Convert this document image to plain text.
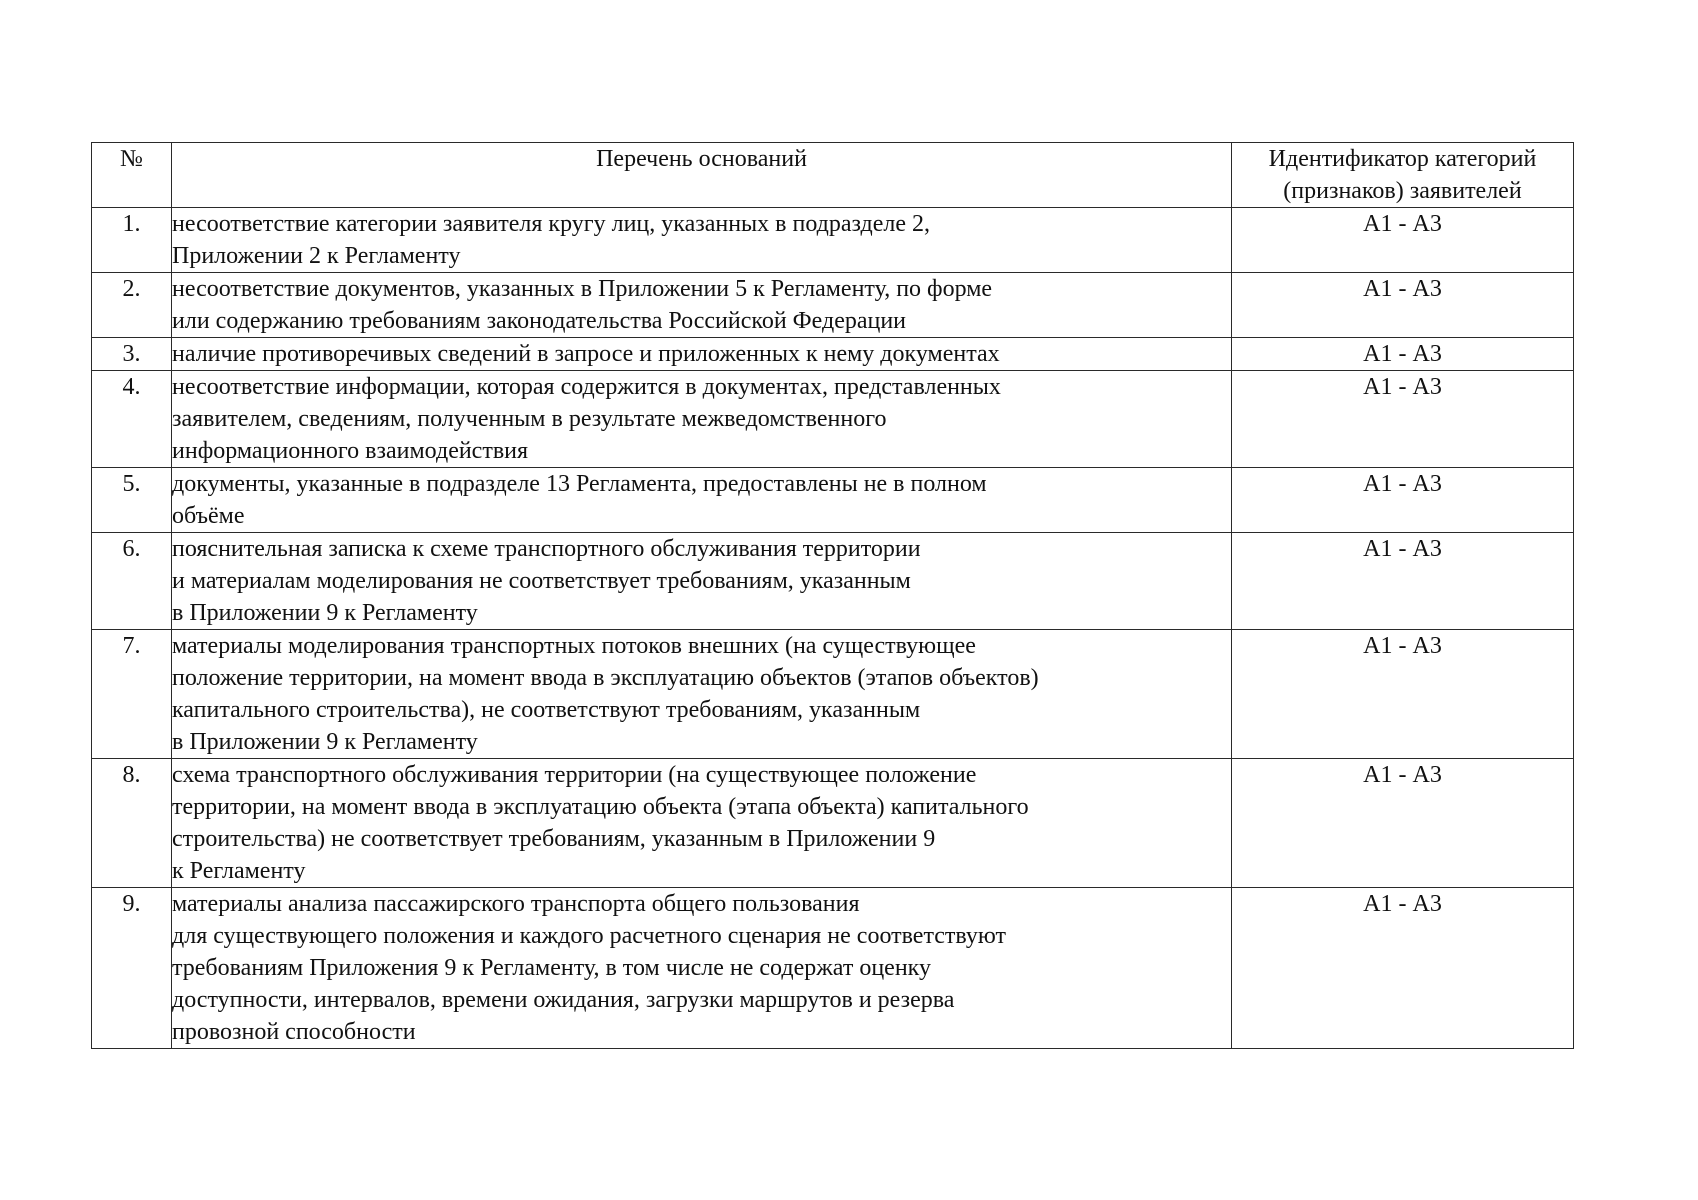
№	Перечень оснований	Идентификатор категорий
(признаков) заявителей

1.	несоответствие категории заявителя кругу лиц, указанных в подразделе 2,
Приложении 2 к Регламенту	А1 - А3
2.	несоответствие документов, указанных в Приложении 5 к Регламенту, по форме
или содержанию требованиям законодательства Российской Федерации	А1 - А3
3.	наличие противоречивых сведений в запросе и приложенных к нему документах	А1 - А3
4.	несоответствие информации, которая содержится в документах, представленных
заявителем, сведениям, полученным в результате межведомственного
информационного взаимодействия	А1 - А3
5.	документы, указанные в подразделе 13 Регламента, предоставлены не в полном
объёме	А1 - А3
6.	пояснительная записка к схеме транспортного обслуживания территории
и материалам моделирования не соответствует требованиям, указанным
в Приложении 9 к Регламенту	А1 - А3
7.	материалы моделирования транспортных потоков внешних (на существующее
положение территории, на момент ввода в эксплуатацию объектов (этапов объектов)
капитального строительства), не соответствуют требованиям, указанным
в Приложении 9 к Регламенту	А1 - А3
8.	схема транспортного обслуживания территории (на существующее положение
территории, на момент ввода в эксплуатацию объекта (этапа объекта) капитального
строительства) не соответствует требованиям, указанным в Приложении 9
к Регламенту	А1 - А3
9.	материалы анализа пассажирского транспорта общего пользования
для существующего положения и каждого расчетного сценария не соответствуют
требованиям Приложения 9 к Регламенту, в том числе не содержат оценку
доступности, интервалов, времени ожидания, загрузки маршрутов и резерва
провозной способности	А1 - А3
